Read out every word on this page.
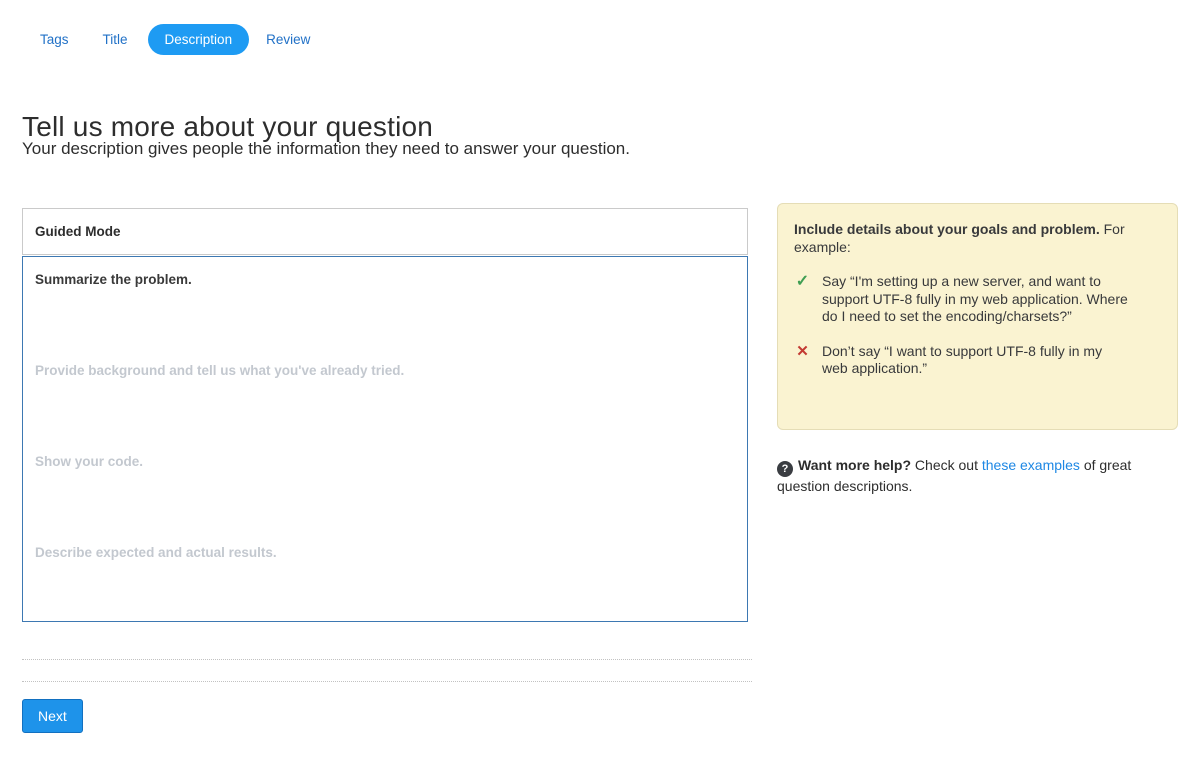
Tags	Title	Description	Review
Tell us more about your question
Your description gives people the information they need to answer your question.
Guided Mode
Summarize the problem.
Provide background and tell us what you've already tried.
Show your code.
Describe expected and actual results.
Next
Include details about your goals and problem. For example:
✓ Say “I'm setting up a new server, and want to support UTF-8 fully in my web application. Where do I need to set the encoding/charsets?”
✕ Don’t say “I want to support UTF-8 fully in my web application.”
? Want more help? Check out these examples of great question descriptions.
